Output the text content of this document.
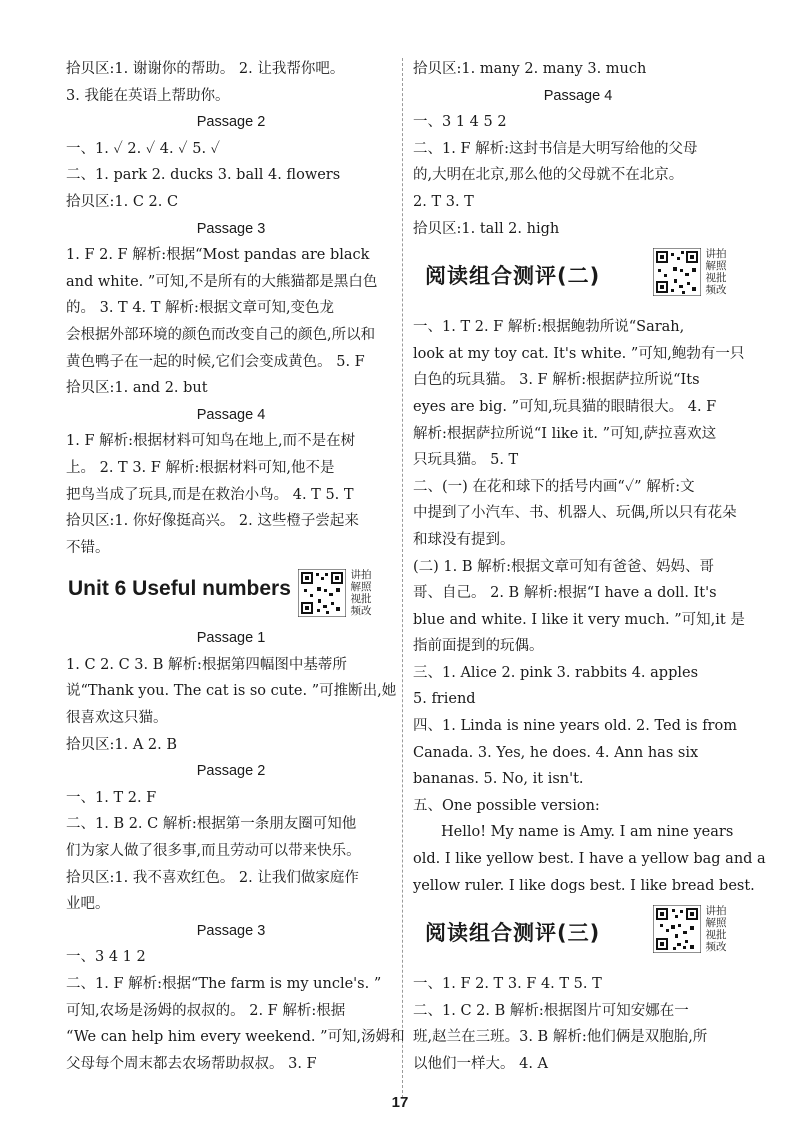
拾贝区:1. 谢谢你的帮助。 2. 让我帮你吧。
3. 我能在英语上帮助你。
Passage 2
一、1. ✓ 2. ✓ 4. ✓ 5. ✓
二、1. park 2. ducks 3. ball 4. flowers
拾贝区:1. C 2. C
Passage 3
1. F 2. F 解析:根据“Most pandas are black
and white. ”可知,不是所有的大熊猫都是黑白色
的。 3. T 4. T 解析:根据文章可知,变色龙
会根据外部环境的颜色而改变自己的颜色,所以和
黄色鸭子在一起的时候,它们会变成黄色。 5. F
拾贝区:1. and 2. but
Passage 4
1. F 解析:根据材料可知鸟在地上,而不是在树
上。 2. T 3. F 解析:根据材料可知,他不是
把鸟当成了玩具,而是在救治小鸟。 4. T 5. T
拾贝区:1. 你好像挺高兴。 2. 这些橙子尝起来
不错。
Unit 6 Useful numbers
讲拍解照视批频改
Passage 1
1. C 2. C 3. B 解析:根据第四幅图中基蒂所
说“Thank you. The cat is so cute. ”可推断出,她
很喜欢这只猫。
拾贝区:1. A 2. B
Passage 2
一、1. T 2. F
二、1. B 2. C 解析:根据第一条朋友圈可知他
们为家人做了很多事,而且劳动可以带来快乐。
拾贝区:1. 我不喜欢红色。 2. 让我们做家庭作
业吧。
Passage 3
一、3 4 1 2
二、1. F 解析:根据“The farm is my uncle's. ”
可知,农场是汤姆的叔叔的。 2. F 解析:根据
“We can help him every weekend. ”可知,汤姆和
父母每个周末都去农场帮助叔叔。 3. F
拾贝区:1. many 2. many 3. much
Passage 4
一、3 1 4 5 2
二、1. F 解析:这封书信是大明写给他的父母
的,大明在北京,那么他的父母就不在北京。
2. T 3. T
拾贝区:1. tall 2. high
阅读组合测评(二)
讲拍解照视批频改
一、1. T 2. F 解析:根据鲍勃所说“Sarah,
look at my toy cat. It's white. ”可知,鲍勃有一只
白色的玩具猫。 3. F 解析:根据萨拉所说“Its
eyes are big. ”可知,玩具猫的眼睛很大。 4. F
解析:根据萨拉所说“I like it. ”可知,萨拉喜欢这
只玩具猫。 5. T
二、(一) 在花和球下的括号内画“✓” 解析:文
中提到了小汽车、书、机器人、玩偶,所以只有花朵
和球没有提到。
(二) 1. B 解析:根据文章可知有爸爸、妈妈、哥
哥、自己。 2. B 解析:根据“I have a doll. It's
blue and white. I like it very much. ”可知,it 是
指前面提到的玩偶。
三、1. Alice 2. pink 3. rabbits 4. apples
5. friend
四、1. Linda is nine years old. 2. Ted is from
Canada. 3. Yes, he does. 4. Ann has six
bananas. 5. No, it isn't.
五、One possible version:
Hello! My name is Amy. I am nine years
old. I like yellow best. I have a yellow bag and a
yellow ruler. I like dogs best. I like bread best.
阅读组合测评(三)
讲拍解照视批频改
一、1. F 2. T 3. F 4. T 5. T
二、1. C 2. B 解析:根据图片可知安娜在一
班,赵兰在三班。3. B 解析:他们俩是双胞胎,所
以他们一样大。 4. A
17
